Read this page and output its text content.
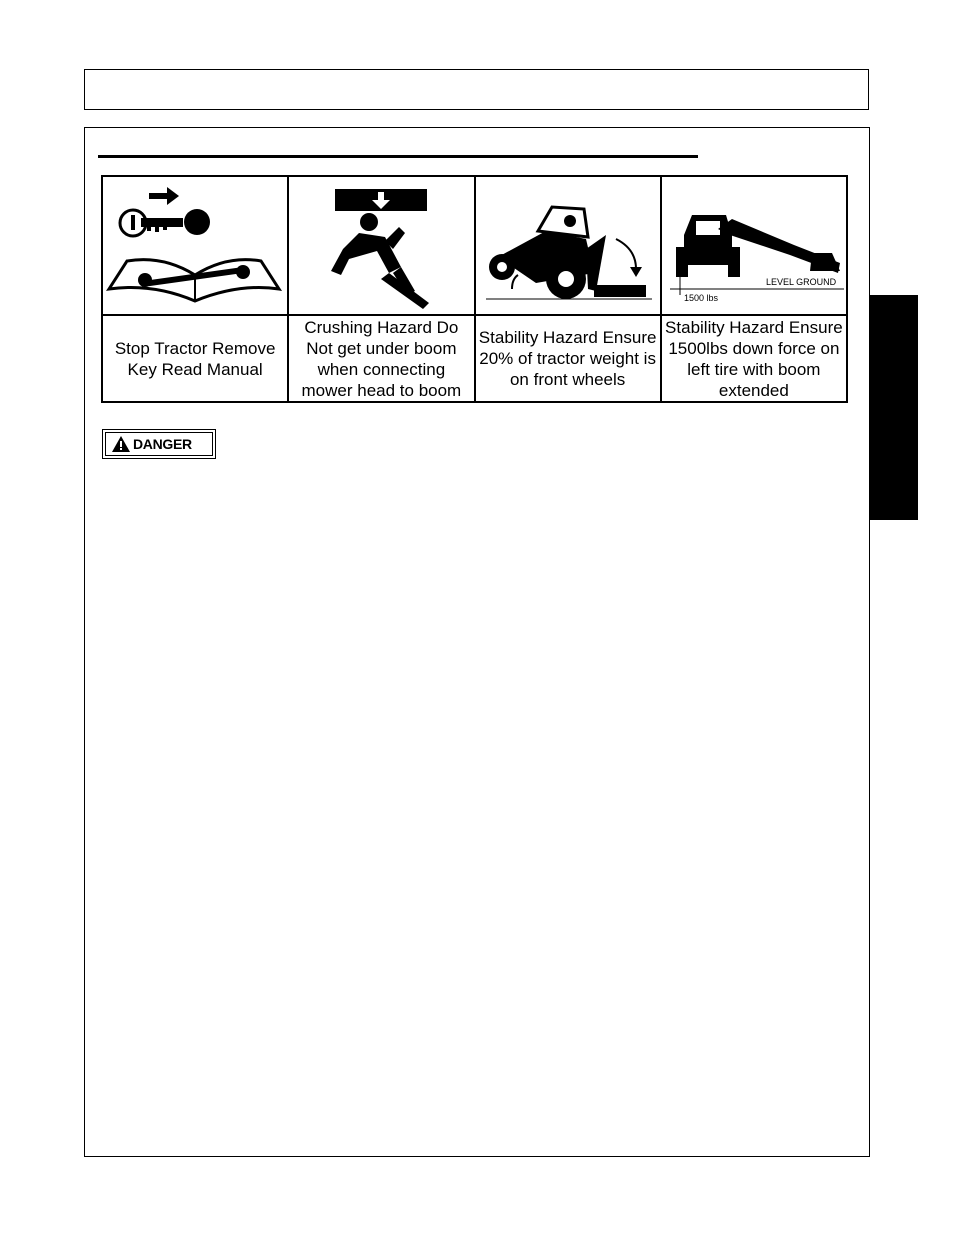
LEVEL GROUND
1500 lbs

Stop Tractor Remove Key Read Manual	Crushing Hazard Do Not get under boom when connecting mower head to boom	Stability Hazard Ensure 20% of tractor weight is on front wheels	Stability Hazard Ensure 1500lbs down force on left tire with boom extended
DANGER
